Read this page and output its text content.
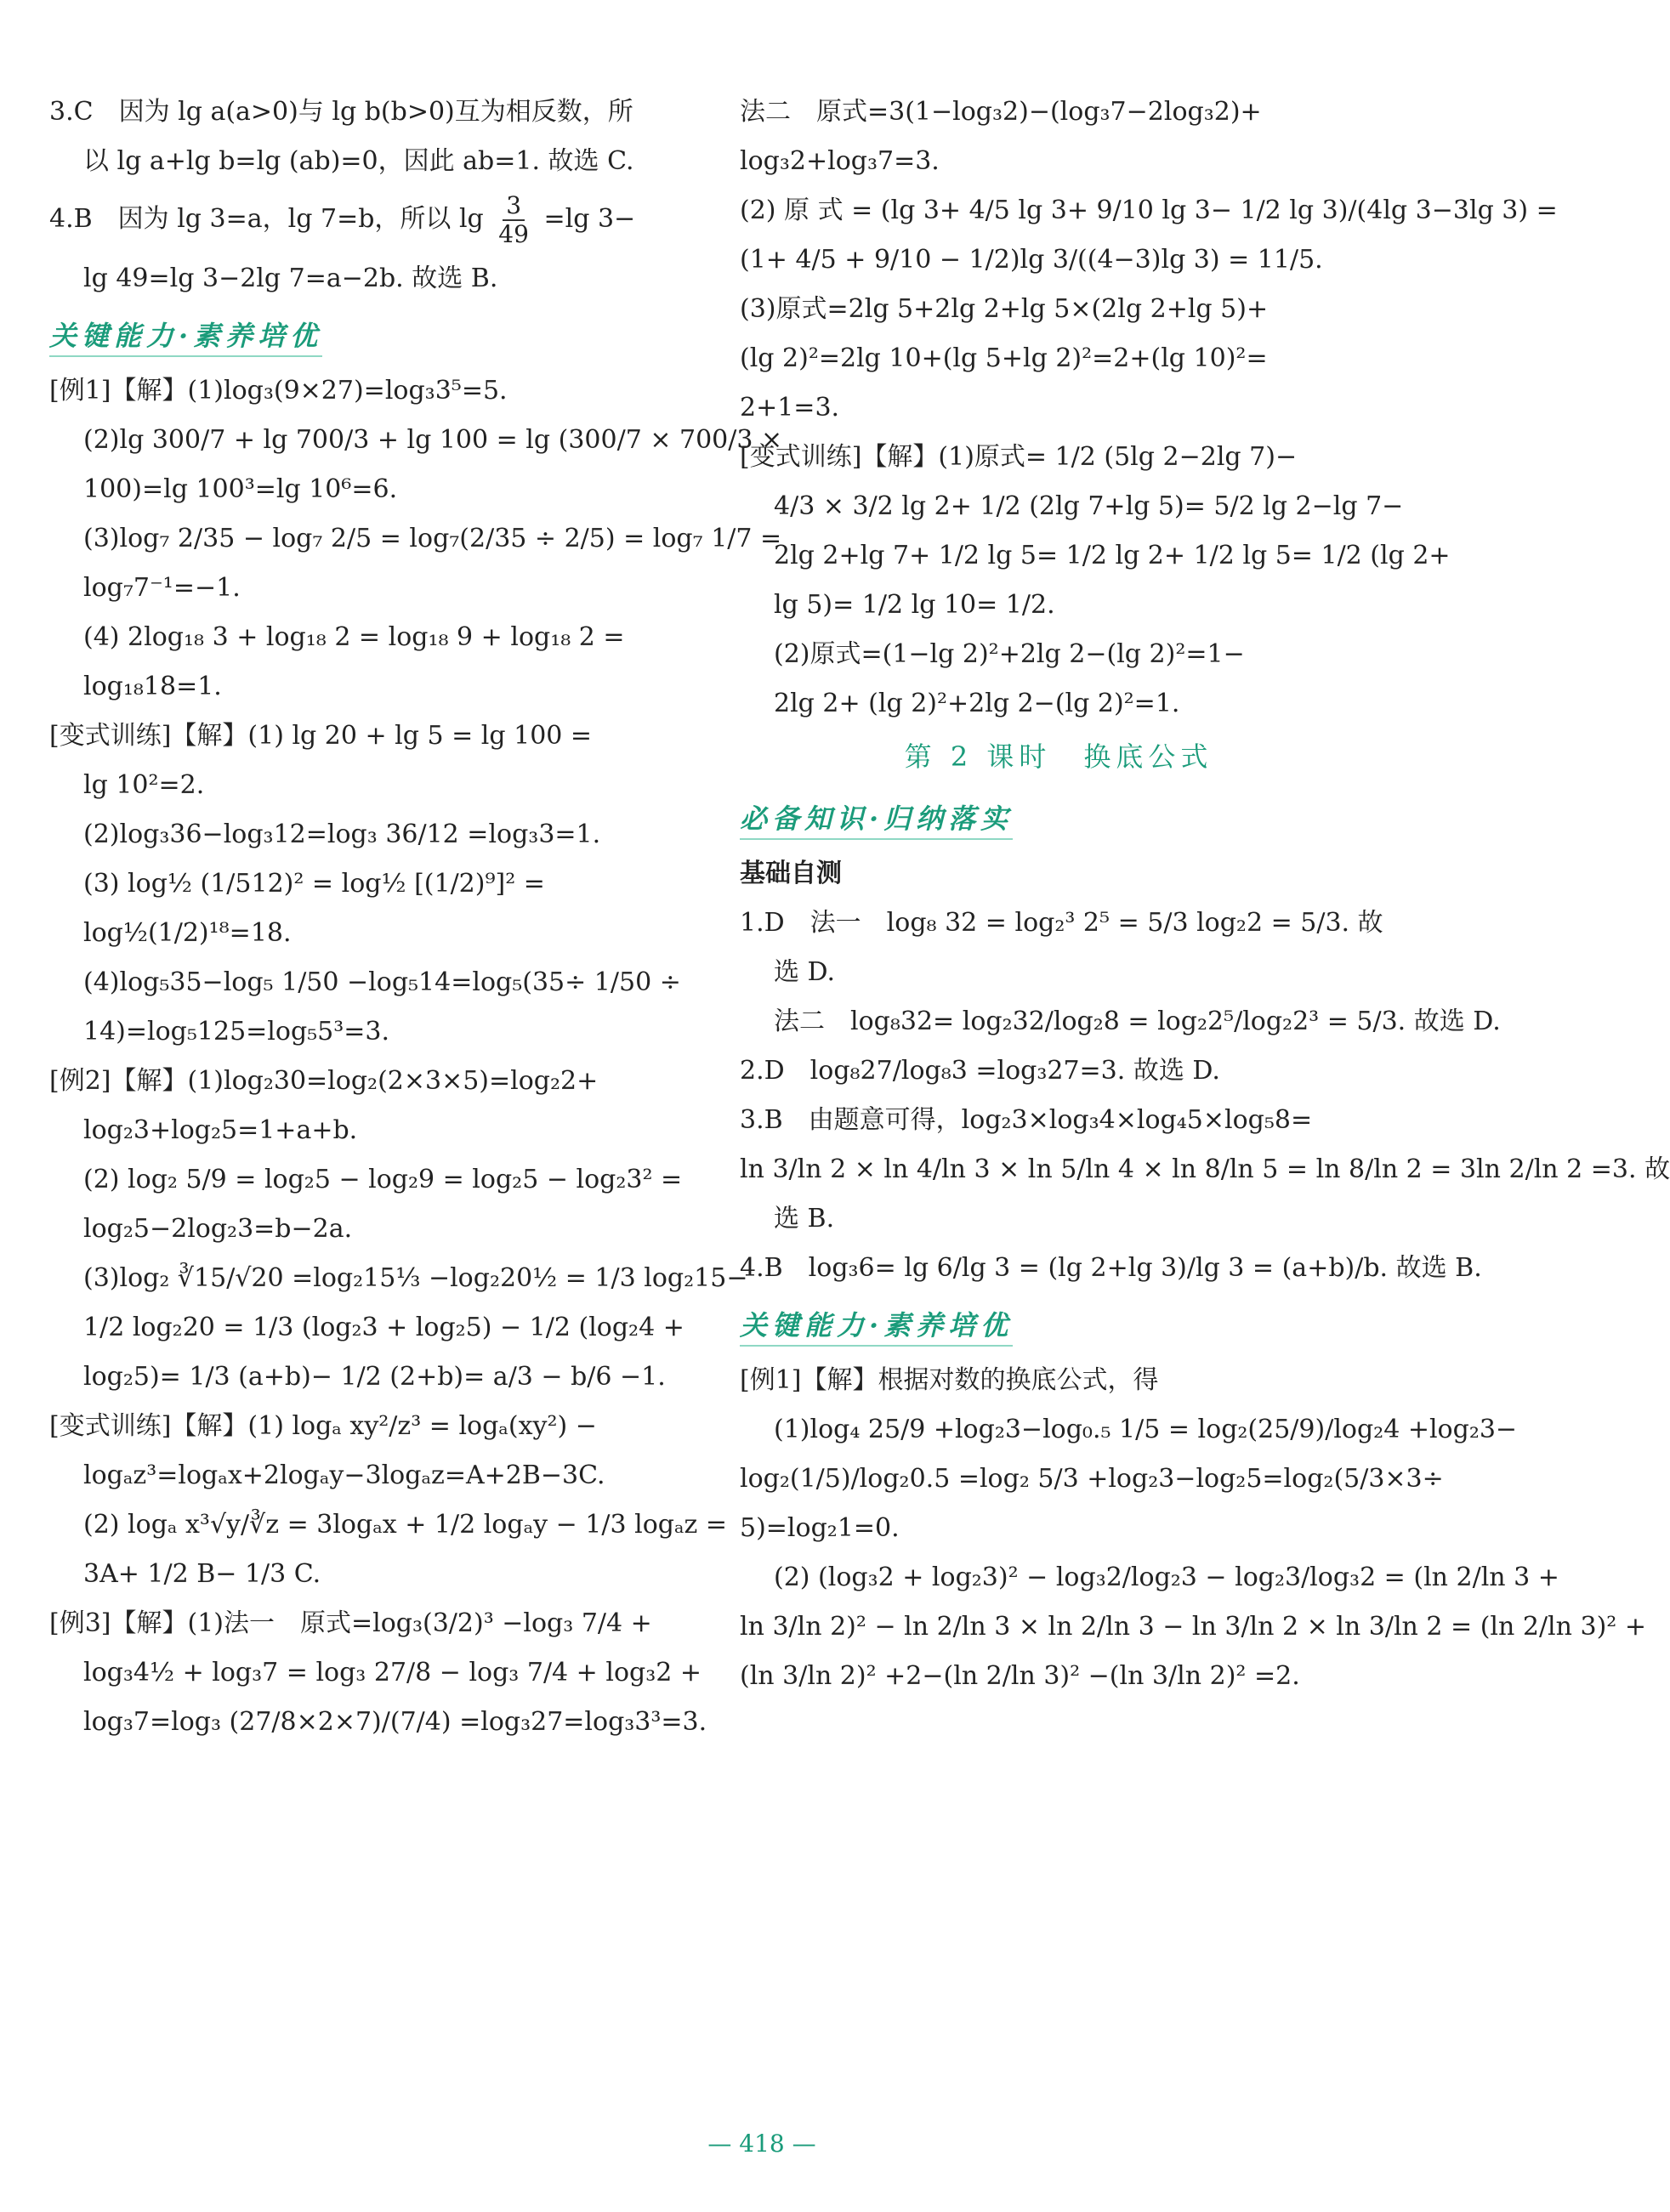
3.C　因为 lg a(a>0)与 lg b(b>0)互为相反数，所
以 lg a+lg b=lg (ab)=0，因此 ab=1. 故选 C.
4.B　因为 lg 3=a，lg 7=b，所以 $\lg \frac{3}{49} =\lg$ 3−
lg 49=lg 3−2lg 7=a−2b. 故选 B.
关键能力·素养培优
[例1]【解】(1)log₃(9×27)=log₃3⁵=5.
(2)lg 300/7 + lg 700/3 + lg 100 = lg (300/7 × 700/3 ×
100)=lg 100³=lg 10⁶=6.
(3)log₇ 2/35 − log₇ 2/5 = log₇(2/35 ÷ 2/5) = log₇ 1/7 =
log₇7⁻¹=−1.
(4) 2log₁₈ 3 + log₁₈ 2 = log₁₈ 9 + log₁₈ 2 =
log₁₈18=1.
[变式训练]【解】(1) lg 20 + lg 5 = lg 100 =
lg 10²=2.
(2)log₃36−log₃12=log₃ 36/12 =log₃3=1.
(3) log½ (1/512)² = log½ [(1/2)⁹]² =
log½(1/2)¹⁸=18.
(4)log₅35−log₅ 1/50 −log₅14=log₅(35÷ 1/50 ÷
14)=log₅125=log₅5³=3.
[例2]【解】(1)log₂30=log₂(2×3×5)=log₂2+
log₂3+log₂5=1+a+b.
(2) log₂ 5/9 = log₂5 − log₂9 = log₂5 − log₂3² =
log₂5−2log₂3=b−2a.
(3)log₂ ∛15/√20 =log₂15⅓ −log₂20½ = 1/3 log₂15−
1/2 log₂20 = 1/3 (log₂3 + log₂5) − 1/2 (log₂4 +
log₂5)= 1/3 (a+b)− 1/2 (2+b)= a/3 − b/6 −1.
[变式训练]【解】(1) logₐ xy²/z³ = logₐ(xy²) −
logₐz³=logₐx+2logₐy−3logₐz=A+2B−3C.
(2) logₐ x³√y/∛z = 3logₐx + 1/2 logₐy − 1/3 logₐz =
3A+ 1/2 B− 1/3 C.
[例3]【解】(1)法一　原式=log₃(3/2)³ −log₃ 7/4 +
log₃4½ + log₃7 = log₃ 27/8 − log₃ 7/4 + log₃2 +
log₃7=log₃ (27/8×2×7)/(7/4) =log₃27=log₃3³=3.
法二　原式=3(1−log₃2)−(log₃7−2log₃2)+
log₃2+log₃7=3.
(2) 原 式 = (lg 3+ 4/5 lg 3+ 9/10 lg 3− 1/2 lg 3)/(4lg 3−3lg 3) =
(1+ 4/5 + 9/10 − 1/2)lg 3/((4−3)lg 3) = 11/5.
(3)原式=2lg 5+2lg 2+lg 5×(2lg 2+lg 5)+
(lg 2)²=2lg 10+(lg 5+lg 2)²=2+(lg 10)²=
2+1=3.
[变式训练]【解】(1)原式= 1/2 (5lg 2−2lg 7)−
4/3 × 3/2 lg 2+ 1/2 (2lg 7+lg 5)= 5/2 lg 2−lg 7−
2lg 2+lg 7+ 1/2 lg 5= 1/2 lg 2+ 1/2 lg 5= 1/2 (lg 2+
lg 5)= 1/2 lg 10= 1/2.
(2)原式=(1−lg 2)²+2lg 2−(lg 2)²=1−
2lg 2+ (lg 2)²+2lg 2−(lg 2)²=1.
第 2 课时　换底公式
必备知识·归纳落实
基础自测
1.D　法一　log₈ 32 = log₂³ 2⁵ = 5/3 log₂2 = 5/3. 故
选 D.
法二　log₈32= log₂32/log₂8 = log₂2⁵/log₂2³ = 5/3. 故选 D.
2.D　log₈27/log₈3 =log₃27=3. 故选 D.
3.B　由题意可得，log₂3×log₃4×log₄5×log₅8=
ln 3/ln 2 × ln 4/ln 3 × ln 5/ln 4 × ln 8/ln 5 = ln 8/ln 2 = 3ln 2/ln 2 =3. 故
选 B.
4.B　log₃6= lg 6/lg 3 = (lg 2+lg 3)/lg 3 = (a+b)/b. 故选 B.
关键能力·素养培优
[例1]【解】根据对数的换底公式，得
(1)log₄ 25/9 +log₂3−log₀.₅ 1/5 = log₂(25/9)/log₂4 +log₂3−
log₂(1/5)/log₂0.5 =log₂ 5/3 +log₂3−log₂5=log₂(5/3×3÷
5)=log₂1=0.
(2) (log₃2 + log₂3)² − log₃2/log₂3 − log₂3/log₃2 = (ln 2/ln 3 +
ln 3/ln 2)² − ln 2/ln 3 × ln 2/ln 3 − ln 3/ln 2 × ln 3/ln 2 = (ln 2/ln 3)² +
(ln 3/ln 2)² +2−(ln 2/ln 3)² −(ln 3/ln 2)² =2.
— 418 —
